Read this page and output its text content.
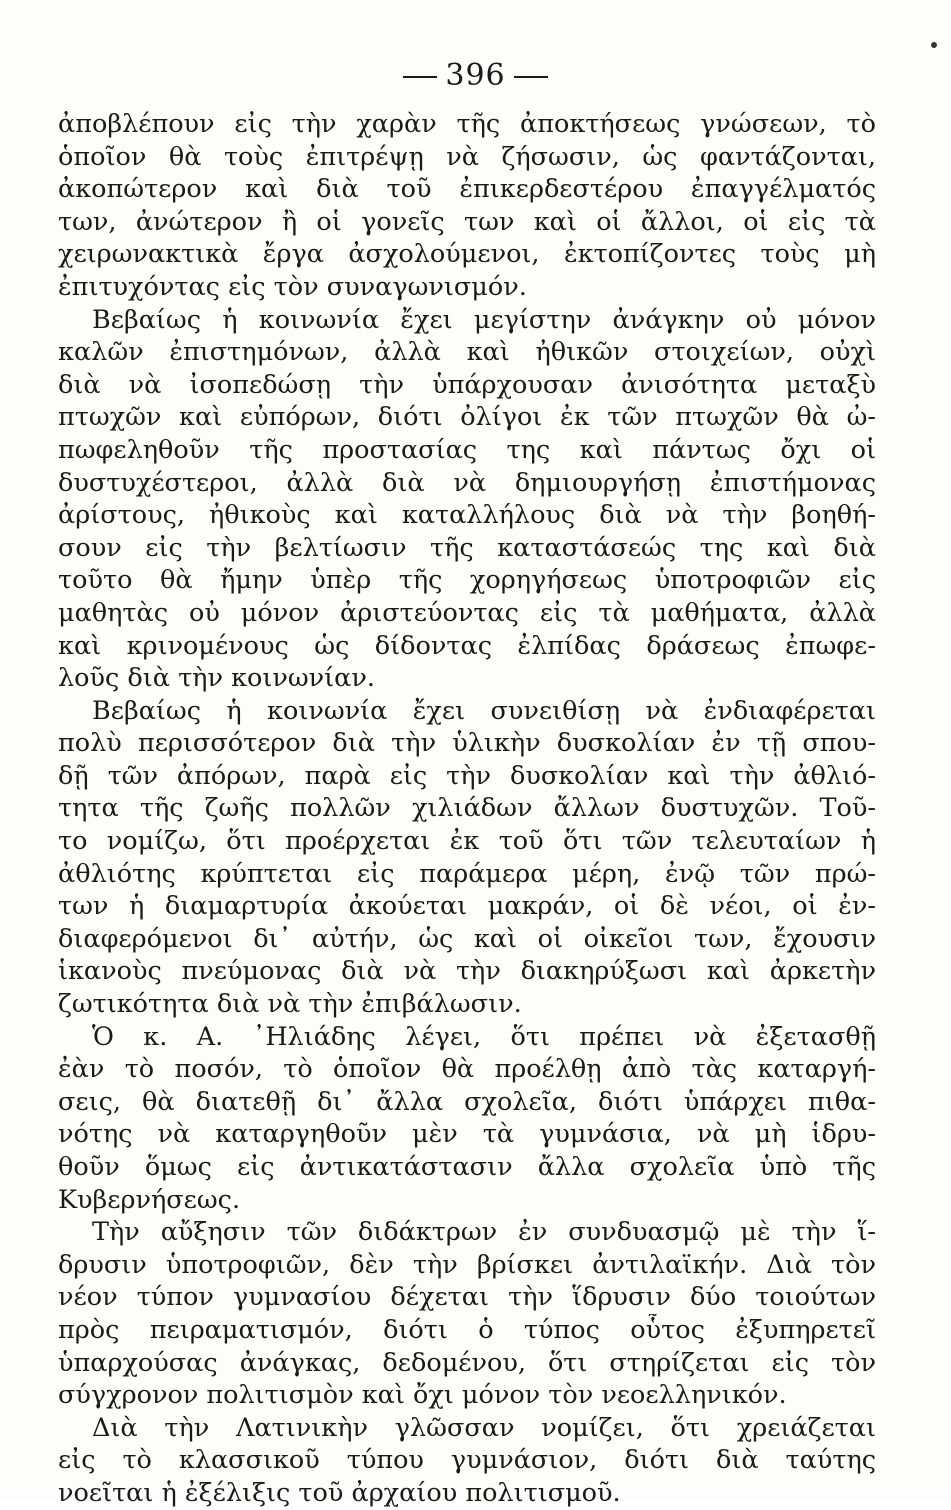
396
ἀποβλέπουν εἰς τὴν χαρὰν τῆς ἀποκτήσεως γνώσεων, τὸ
ὁποῖον θὰ τοὺς ἐπιτρέψῃ νὰ ζήσωσιν, ὡς φαντάζονται,
ἀκοπώτερον καὶ διὰ τοῦ ἐπικερδεστέρου ἐπαγγέλματός
των, ἀνώτερον ἢ οἱ γονεῖς των καὶ οἱ ἄλλοι, οἱ εἰς τὰ
χειρωνακτικὰ ἔργα ἀσχολούμενοι, ἐκτοπίζοντες τοὺς μὴ
ἐπιτυχόντας εἰς τὸν συναγωνισμόν.
Βεβαίως ἡ κοινωνία ἔχει μεγίστην ἀνάγκην οὐ μόνον
καλῶν ἐπιστημόνων, ἀλλὰ καὶ ἠθικῶν στοιχείων, οὐχὶ
διὰ νὰ ἰσοπεδώσῃ τὴν ὑπάρχουσαν ἀνισότητα μεταξὺ
πτωχῶν καὶ εὐπόρων, διότι ὀλίγοι ἐκ τῶν πτωχῶν θὰ ὠ-
πωφεληθοῦν τῆς προστασίας της καὶ πάντως ὄχι οἱ
δυστυχέστεροι, ἀλλὰ διὰ νὰ δημιουργήσῃ ἐπιστήμονας
ἀρίστους, ἠθικοὺς καὶ καταλλήλους διὰ νὰ τὴν βοηθή-
σουν εἰς τὴν βελτίωσιν τῆς καταστάσεώς της καὶ διὰ
τοῦτο θὰ ἤμην ὑπὲρ τῆς χορηγήσεως ὑποτροφιῶν εἰς
μαθητὰς οὐ μόνον ἀριστεύοντας εἰς τὰ μαθήματα, ἀλλὰ
καὶ κρινομένους ὡς δίδοντας ἐλπίδας δράσεως ἐπωφε-
λοῦς διὰ τὴν κοινωνίαν.
Βεβαίως ἡ κοινωνία ἔχει συνειθίσῃ νὰ ἐνδιαφέρεται
πολὺ περισσότερον διὰ τὴν ὑλικὴν δυσκολίαν ἐν τῇ σπου-
δῇ τῶν ἀπόρων, παρὰ εἰς τὴν δυσκολίαν καὶ τὴν ἀθλιό-
τητα τῆς ζωῆς πολλῶν χιλιάδων ἄλλων δυστυχῶν. Τοῦ-
το νομίζω, ὅτι προέρχεται ἐκ τοῦ ὅτι τῶν τελευταίων ἡ
ἀθλιότης κρύπτεται εἰς παράμερα μέρη, ἐνῷ τῶν πρώ-
των ἡ διαμαρτυρία ἀκούεται μακράν, οἱ δὲ νέοι, οἱ ἐν-
διαφερόμενοι δι᾽ αὐτήν, ὡς καὶ οἱ οἰκεῖοι των, ἔχουσιν
ἱκανοὺς πνεύμονας διὰ νὰ τὴν διακηρύξωσι καὶ ἀρκετὴν
ζωτικότητα διὰ νὰ τὴν ἐπιβάλωσιν.
Ὁ κ. Α. ᾿Ηλιάδης λέγει, ὅτι πρέπει νὰ ἐξετασθῇ
ἐὰν τὸ ποσόν, τὸ ὁποῖον θὰ προέλθῃ ἀπὸ τὰς καταργή-
σεις, θὰ διατεθῇ δι᾽ ἄλλα σχολεῖα, διότι ὑπάρχει πιθα-
νότης νὰ καταργηθοῦν μὲν τὰ γυμνάσια, νὰ μὴ ἱδρυ-
θοῦν ὅμως εἰς ἀντικατάστασιν ἄλλα σχολεῖα ὑπὸ τῆς
Κυβερνήσεως.
Τὴν αὔξησιν τῶν διδάκτρων ἐν συνδυασμῷ μὲ τὴν ἵ-
δρυσιν ὑποτροφιῶν, δὲν τὴν βρίσκει ἀντιλαϊκήν. Διὰ τὸν
νέον τύπον γυμνασίου δέχεται τὴν ἵδρυσιν δύο τοιούτων
πρὸς πειραματισμόν, διότι ὁ τύπος οὗτος ἐξυπηρετεῖ
ὑπαρχούσας ἀνάγκας, δεδομένου, ὅτι στηρίζεται εἰς τὸν
σύγχρονον πολιτισμὸν καὶ ὄχι μόνον τὸν νεοελληνικόν.
Διὰ τὴν Λατινικὴν γλῶσσαν νομίζει, ὅτι χρειάζεται
εἰς τὸ κλασσικοῦ τύπου γυμνάσιον, διότι διὰ ταύτης
νοεῖται ἡ ἐξέλιξις τοῦ ἀρχαίου πολιτισμοῦ.
